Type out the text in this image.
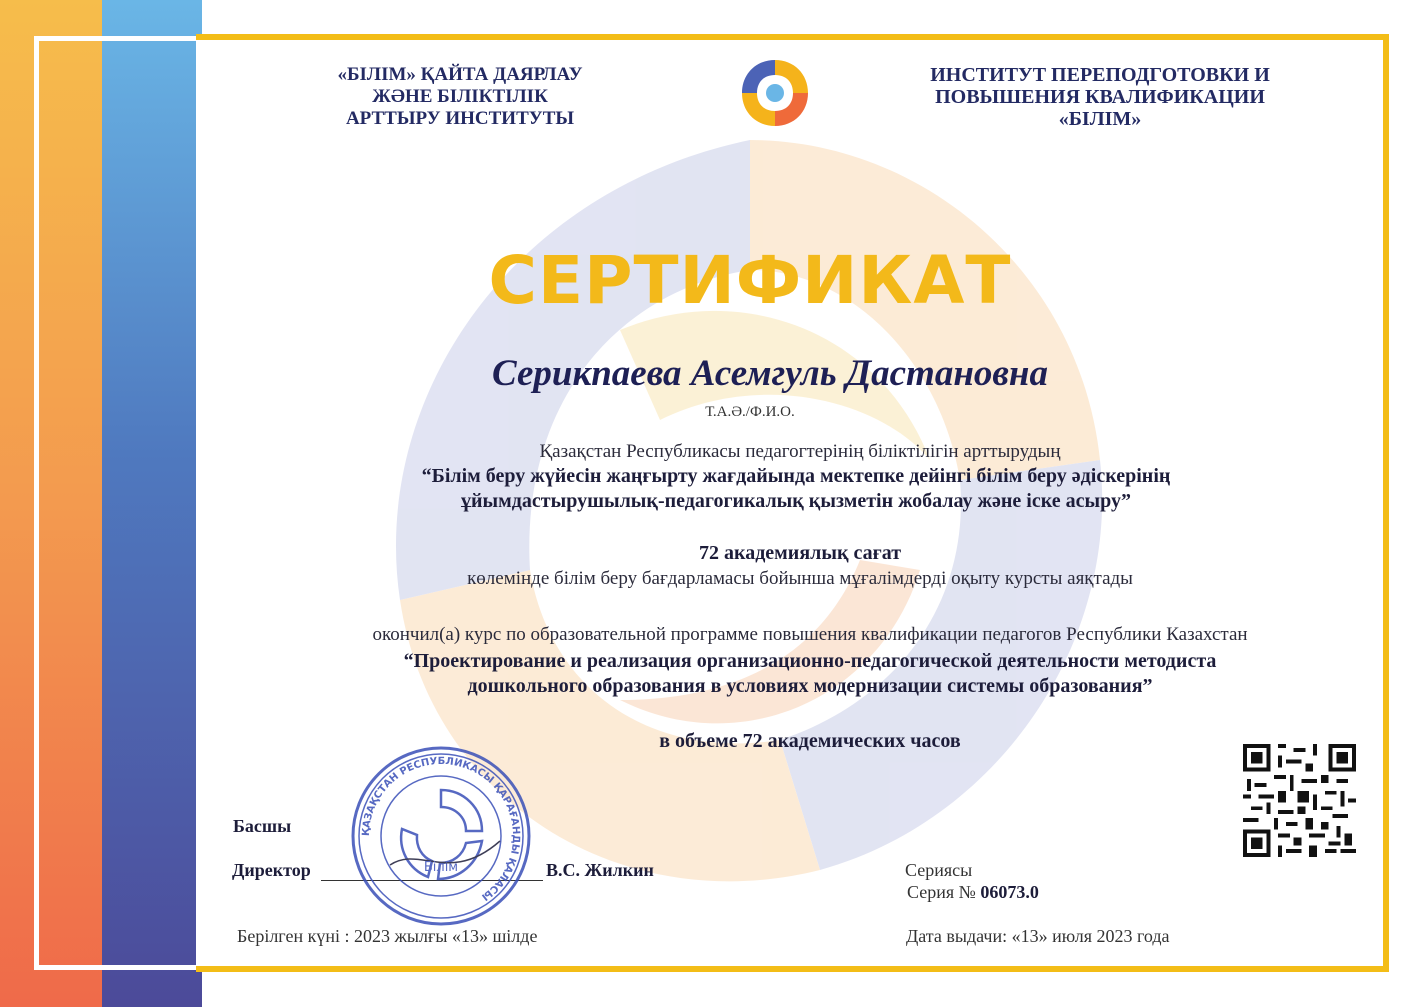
«БІЛІМ» ҚАЙТА ДАЯРЛАУ
ЖӘНЕ БІЛІКТІЛІК
АРТТЫРУ ИНСТИТУТЫ
ИНСТИТУТ ПЕРЕПОДГОТОВКИ И
ПОВЫШЕНИЯ КВАЛИФИКАЦИИ
«БІЛІМ»
СЕРТИФИКАТ
Серикпаева Асемгуль Дастановна
Т.А.Ә./Ф.И.О.
Қазақстан Республикасы педагогтерінің біліктілігін арттырудың
“Білім беру жүйесін жаңғырту жағдайында мектепке дейінгі білім беру әдіскерінің
ұйымдастырушылық-педагогикалық қызметін жобалау және іске асыру”
72 академиялық сағат
көлемінде білім беру бағдарламасы бойынша мұғалімдерді оқыту курсты аяқтады
окончил(а) курс по образовательной программе повышения квалификации педагогов Республики Казахстан
“Проектирование и реализация организационно-педагогической деятельности методиста
дошкольного образования в условиях модернизации системы образования”
в объеме 72 академических часов
Басшы
Директор	В.С. Жилкин
ҚАЗАҚСТАН РЕСПУБЛИКАСЫ ҚАРАҒАНДЫ ҚАЛАСЫ
Білім	Сериясы
Серия № 06073.0
Берілген күні : 2023 жылғы «13» шілде	Дата выдачи: «13» июля 2023 года
